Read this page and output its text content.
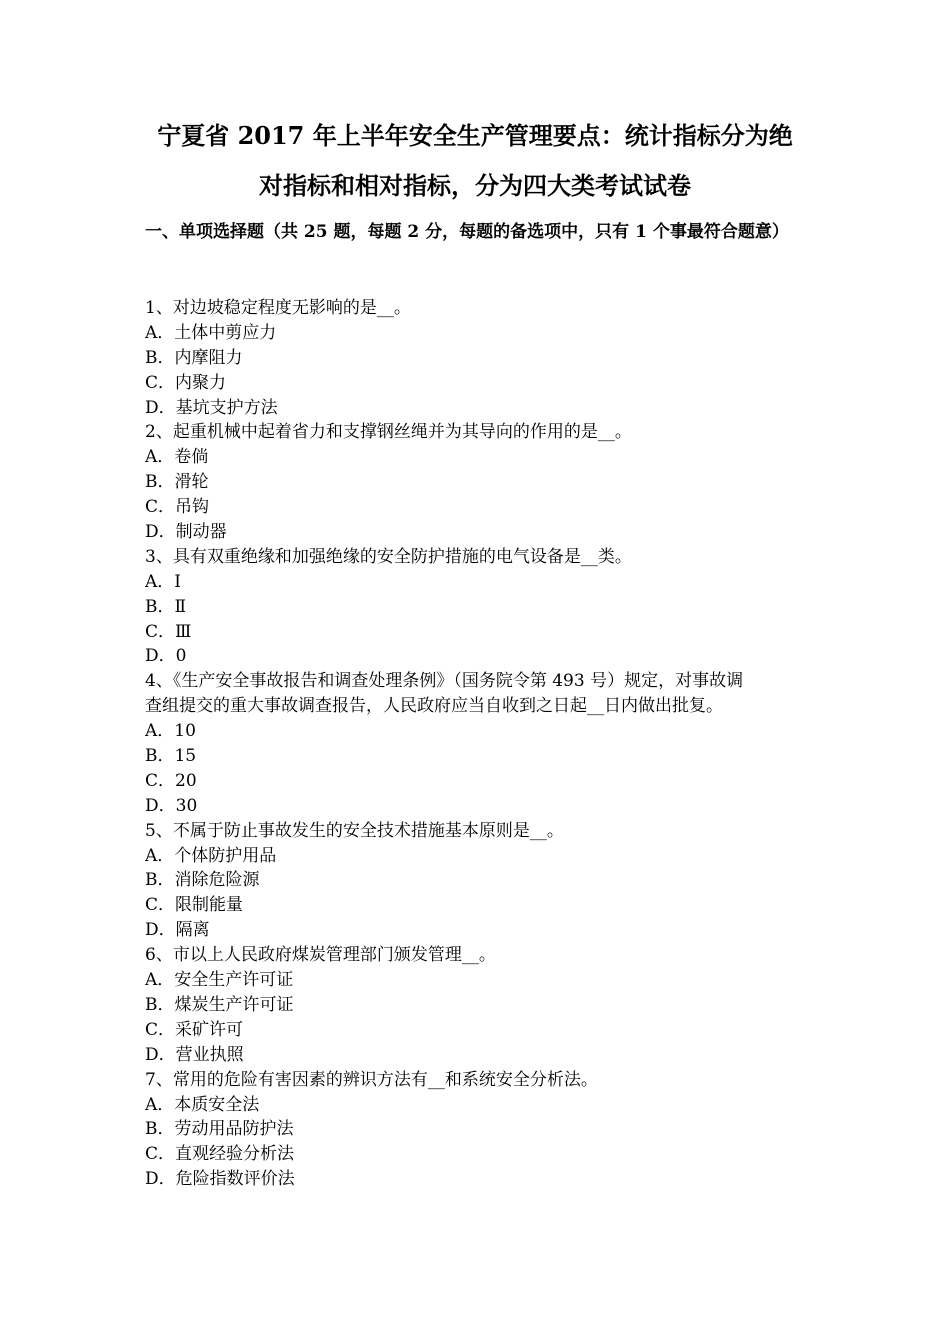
宁夏省 2017 年上半年安全生产管理要点：统计指标分为绝
对指标和相对指标，分为四大类考试试卷
一、单项选择题（共 25 题，每题 2 分，每题的备选项中，只有 1 个事最符合题意）
1、对边坡稳定程度无影响的是__。
A．土体中剪应力
B．内摩阻力
C．内聚力
D．基坑支护方法
2、起重机械中起着省力和支撑钢丝绳并为其导向的作用的是__。
A．卷倘
B．滑轮
C．吊钩
D．制动器
3、具有双重绝缘和加强绝缘的安全防护措施的电气设备是__类。
A．Ⅰ
B．Ⅱ
C．Ⅲ
D．0
4、《生产安全事故报告和调查处理条例》（国务院令第 493 号）规定，对事故调
查组提交的重大事故调查报告，人民政府应当自收到之日起__日内做出批复。
A．10
B．15
C．20
D．30
5、不属于防止事故发生的安全技术措施基本原则是__。
A．个体防护用品
B．消除危险源
C．限制能量
D．隔离
6、市以上人民政府煤炭管理部门颁发管理__。
A．安全生产许可证
B．煤炭生产许可证
C．采矿许可
D．营业执照
7、常用的危险有害因素的辨识方法有__和系统安全分析法。
A．本质安全法
B．劳动用品防护法
C．直观经验分析法
D．危险指数评价法
